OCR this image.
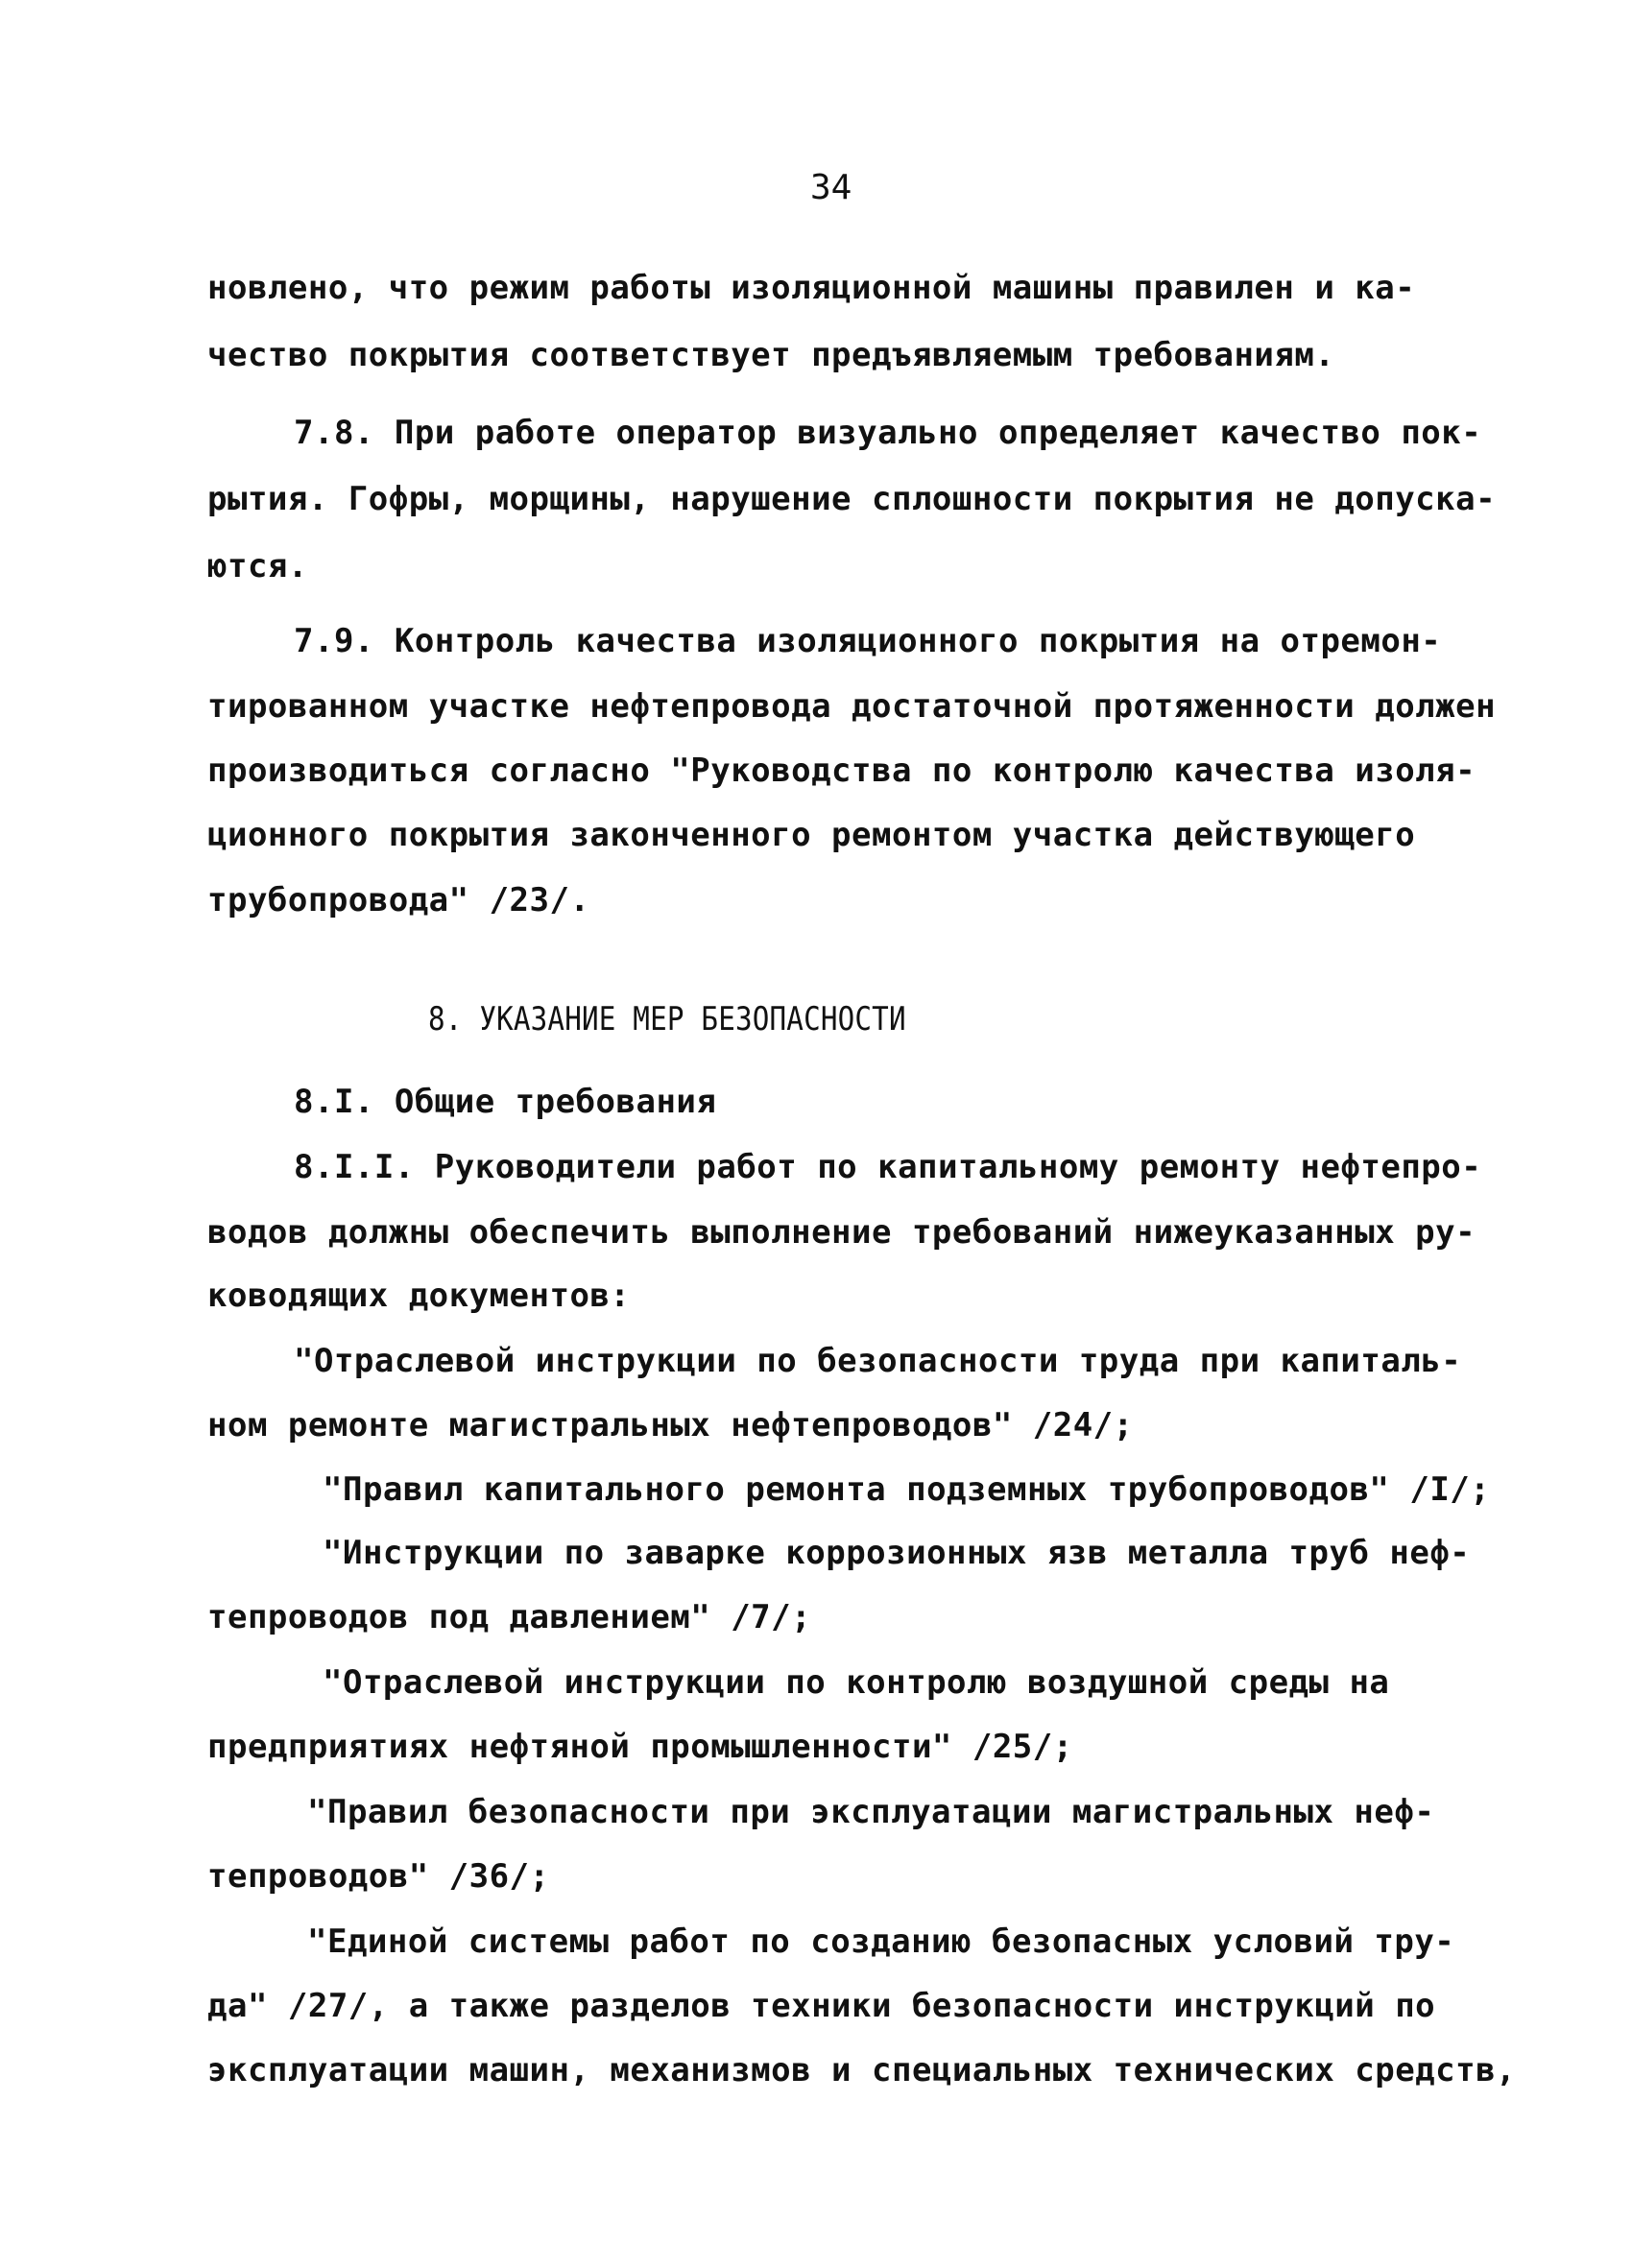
34
новлено, что режим работы изоляционной машины правилен и ка-
чество покрытия соответствует предъявляемым требованиям.
7.8. При работе оператор визуально определяет качество пок-
рытия. Гофры, морщины, нарушение сплошности покрытия не допуска-
ются.
7.9. Контроль качества изоляционного покрытия на отремон-
тированном участке нефтепровода достаточной протяженности должен
производиться согласно "Руководства по контролю качества изоля-
ционного покрытия законченного ремонтом участка действующего
трубопровода" /23/.
8. УКАЗАНИЕ МЕР БЕЗОПАСНОСТИ
8.I. Общие требования
8.I.I. Руководители работ по капитальному ремонту нефтепро-
водов должны обеспечить выполнение требований нижеуказанных ру-
ководящих документов:
"Отраслевой инструкции по безопасности труда при капиталь-
ном ремонте магистральных нефтепроводов" /24/;
"Правил капитального ремонта подземных трубопроводов" /I/;
"Инструкции по заварке коррозионных язв металла труб неф-
тепроводов под давлением" /7/;
"Отраслевой инструкции по контролю воздушной среды на
предприятиях нефтяной промышленности" /25/;
"Правил безопасности при эксплуатации магистральных неф-
тепроводов" /36/;
"Единой системы работ по созданию безопасных условий тру-
да" /27/, а также разделов техники безопасности инструкций по
эксплуатации машин, механизмов и специальных технических средств,
